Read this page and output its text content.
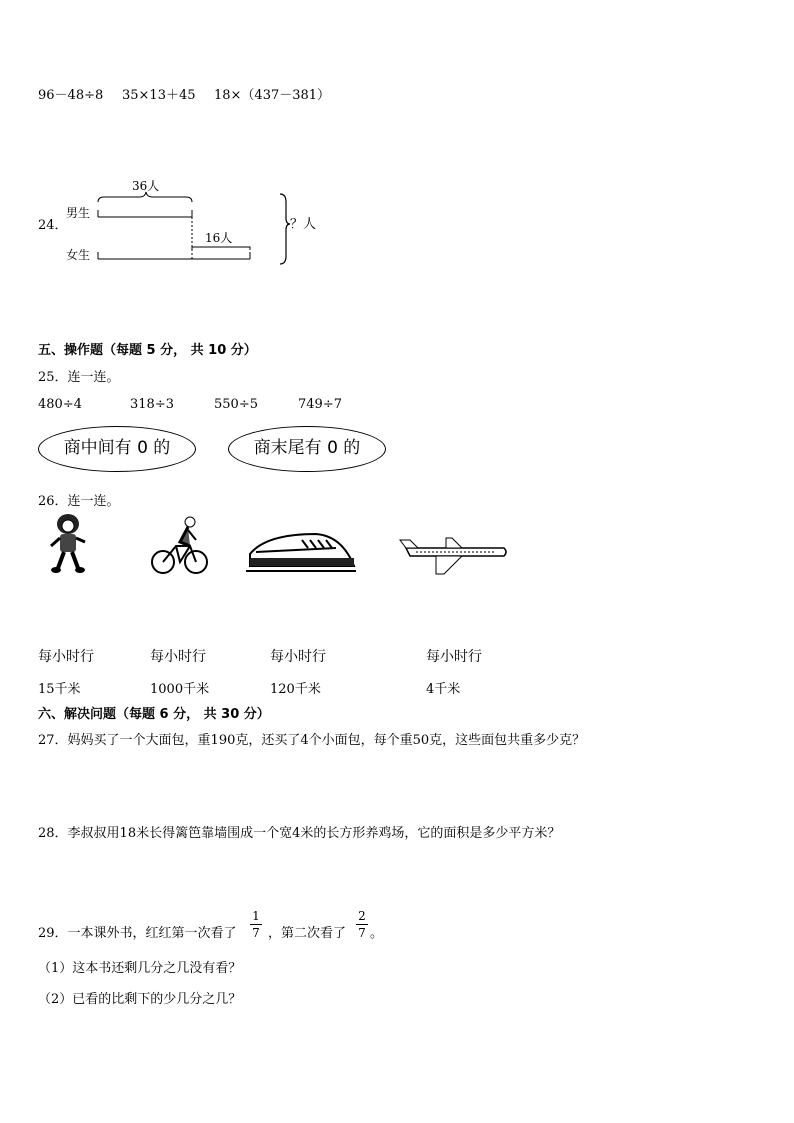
96－48÷8 35×13＋45 18×（437－381）
24．
男生
女生
36人
16人
？人
五、操作题（每题 5 分， 共 10 分）
25．连一连。
480÷4	318÷3	550÷5	749÷7
商中间有 0 的	商末尾有 0 的
26．连一连。
每小时行	每小时行	每小时行	每小时行
15千米	1000千米	120千米	4千米
六、解决问题（每题 6 分， 共 30 分）
27．妈妈买了一个大面包，重190克，还买了4个小面包，每个重50克，这些面包共重多少克？
28．李叔叔用18米长得篱笆靠墙围成一个宽4米的长方形养鸡场，它的面积是多少平方米？
29．一本课外书，红红第一次看了
1
7 ，第二次看了
2
7 。
（1）这本书还剩几分之几没有看？
（2）已看的比剩下的少几分之几？
